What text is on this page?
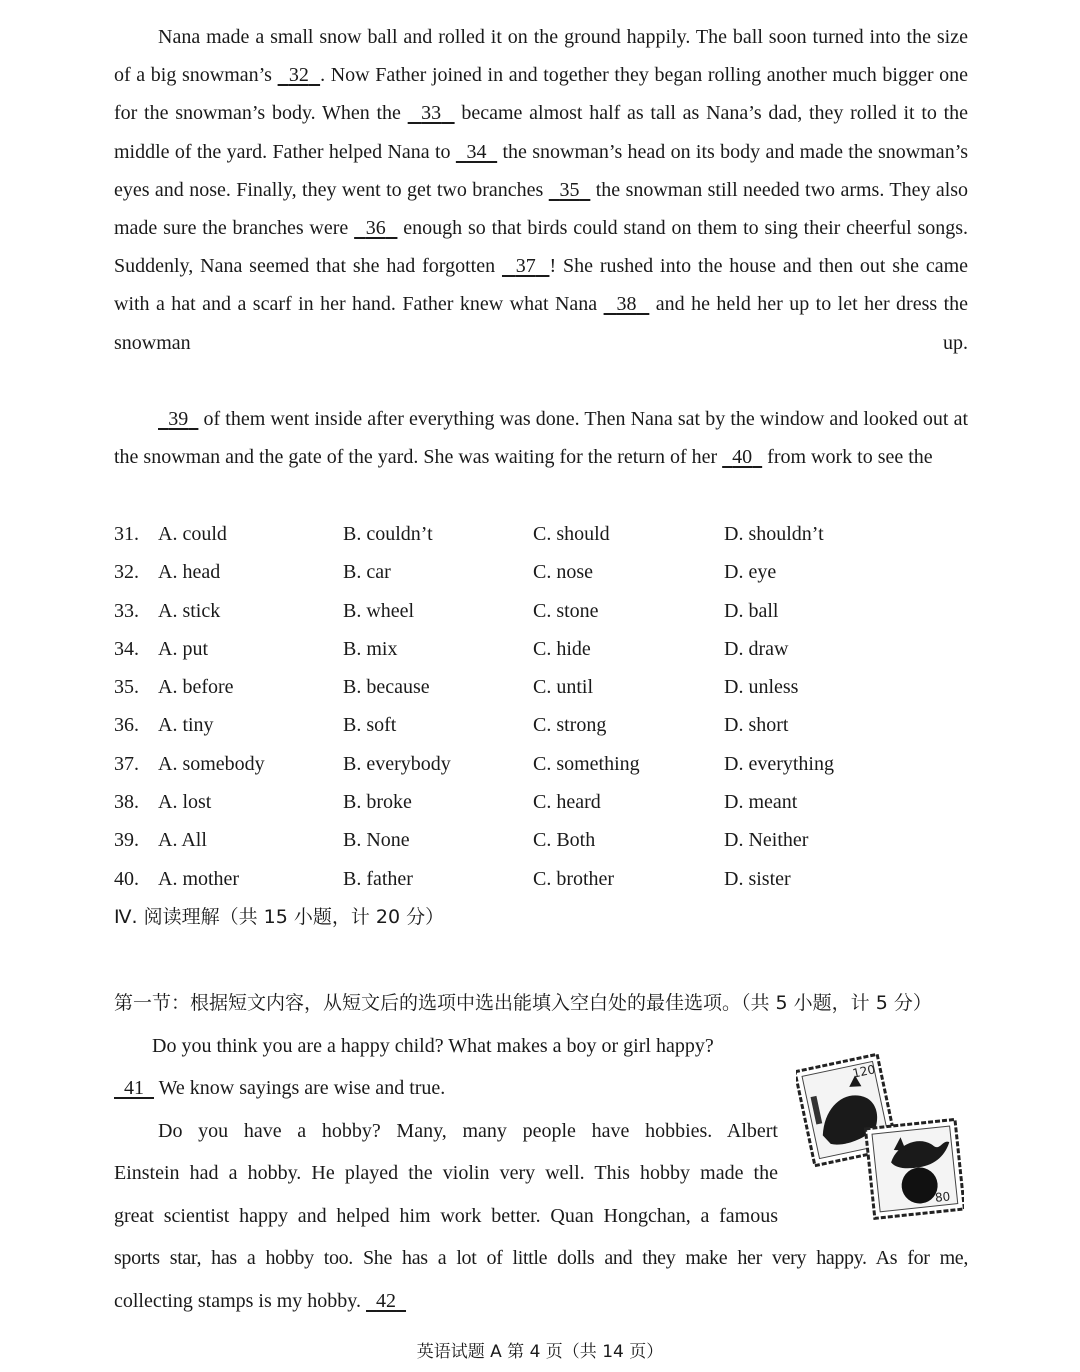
Nana made a small snow ball and rolled it on the ground happily. The ball soon turned into the size of a big snowman’s 32 . Now Father joined in and together they began rolling another much bigger one for the snowman’s body. When the 33 became almost half as tall as Nana’s dad, they rolled it to the middle of the yard. Father helped Nana to 34 the snowman’s head on its body and made the snowman’s eyes and nose. Finally, they went to get two branches 35 the snowman still needed two arms. They also made sure the branches were 36 enough so that birds could stand on them to sing their cheerful songs. Suddenly, Nana seemed that she had forgotten 37 ! She rushed into the house and then out she came with a hat and a scarf in her hand. Father knew what Nana 38 and he held her up to let her dress the snowman up.

39 of them went inside after everything was done. Then Nana sat by the window and looked out at the snowman and the gate of the yard. She was waiting for the return of her 40 from work to see the

31. A. could	B. couldn’t	C. should	D. shouldn’t
32. A. head	B. car	C. nose	D. eye
33. A. stick	B. wheel	C. stone	D. ball
34. A. put	B. mix	C. hide	D. draw
35. A. before	B. because	C. until	D. unless
36. A. tiny	B. soft	C. strong	D. short
37. A. somebody	B. everybody	C. something	D. everything
38. A. lost	B. broke	C. heard	D. meant
39. A. All	B. None	C. Both	D. Neither
40. A. mother	B. father	C. brother	D. sister
Ⅳ. 阅读理解（共 15 小题，计 20 分）
第一节：根据短文内容，从短文后的选项中选出能填入空白处的最佳选项。（共 5 小题，计 5 分）

Do you think you are a happy child? What makes a boy or girl happy?

41 We know sayings are wise and true.

Do you have a hobby? Many, many people have hobbies. Albert

Einstein had a hobby. He played the violin very well. This hobby made the

great scientist happy and helped him work better. Quan Hongchan, a famous

sports star, has a hobby too. She has a lot of little dolls and they make her very happy. As for me,

collecting stamps is my hobby. 42

120
80
英语试题 A 第 4 页（共 14 页）
